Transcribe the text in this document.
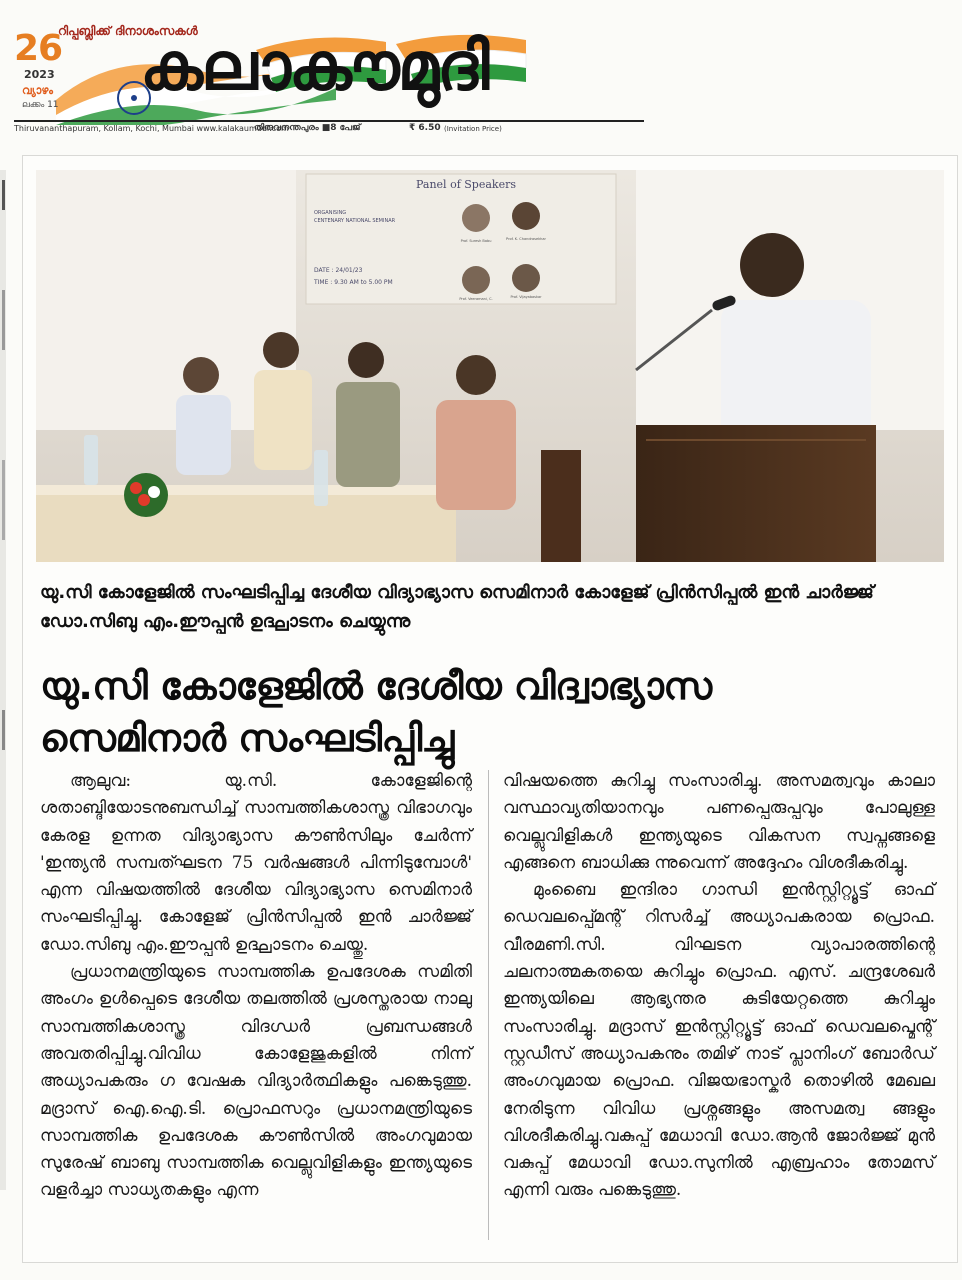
റിപ്പബ്ലിക്ക് ദിനാശംസകൾ
26
2023
വ്യാഴം
ലക്കം 11 കലാകൗമുദി
Thiruvananthapuram, Kollam, Kochi, Mumbai www.kalakaumudi.com
തിരുവനന്തപുരം ■8 പേജ്	₹ 6.50 (Invitation Price)
Panel of Speakers
ORGANISING
CENTENARY NATIONAL SEMINAR
DATE : 24/01/23
TIME : 9.30 AM to 5.00 PM
Prof. Suresh Babu	Prof. K. Chandrasekhar
Prof. Veeramani, C.	Prof. Vijayabaskar
യു.സി കോളേജിൽ സംഘടിപ്പിച്ച ദേശീയ വിദ്യാഭ്യാസ സെമിനാർ കോളേജ് പ്രിൻസിപ്പൽ ഇൻ ചാർജ്ജ് ഡോ.സിബു എം.ഈപ്പൻ ഉദ്ഘാടനം ചെയ്യുന്നു
യു.സി കോളേജിൽ ദേശീയ വിദ്വാഭ്യാസ
സെമിനാർ സംഘടിപ്പിച്ചു

ആലുവ: യു.സി. കോളേജിന്റെ ശതാബ്ദിയോടനുബന്ധിച്ച് സാമ്പത്തികശാസ്ത്ര വിഭാഗവും കേരള ഉന്നത വിദ്യാഭ്യാസ കൗൺസിലും ചേർന്ന് 'ഇന്ത്യൻ സമ്പത്ഘടന 75 വർഷങ്ങൾ പിന്നിടുമ്പോൾ' എന്ന വിഷയത്തിൽ ദേശീയ വിദ്യാഭ്യാസ സെമിനാർ സംഘടിപ്പിച്ചു. കോളേജ് പ്രിൻസിപ്പൽ ഇൻ ചാർജ്ജ് ഡോ.സിബു എം.ഈപ്പൻ ഉദ്ഘാടനം ചെയ്തു.

പ്രധാനമന്ത്രിയുടെ സാമ്പത്തിക ഉപദേശക സമിതി അംഗം ഉൾപ്പെടെ ദേശീയ തലത്തിൽ പ്രശസ്തരായ നാലു സാമ്പത്തികശാസ്ത്ര വിദഗ്ധർ പ്രബന്ധങ്ങൾ അവതരിപ്പിച്ചു.വിവിധ കോളേജുകളിൽ നിന്ന് അധ്യാപകരും ഗ വേഷക വിദ്യാർത്ഥികളും പങ്കെടുത്തു. മദ്രാസ് ഐ.ഐ.ടി. പ്രൊഫസറും പ്രധാനമന്ത്രിയുടെ സാമ്പത്തിക ഉപദേശക കൗൺസിൽ അംഗവുമായ സുരേഷ് ബാബു സാമ്പത്തിക വെല്ലുവിളികളും ഇന്ത്യയുടെ വളർച്ചാ സാധ്യതകളും എന്ന

വിഷയത്തെ കുറിച്ചു സംസാരിച്ചു. അസമത്വവും കാലാ വസ്ഥാവ്യതിയാനവും പണപ്പെരുപ്പവും പോലുള്ള വെല്ലുവിളികൾ ഇന്ത്യയുടെ വികസന സ്വപ്നങ്ങളെ എങ്ങനെ ബാധിക്കു ന്നുവെന്ന് അദ്ദേഹം വിശദീകരിച്ചു.

മുംബൈ ഇന്ദിരാ ഗാന്ധി ഇൻസ്റ്റിറ്റ്യൂട്ട് ഓഫ് ഡെവലപ്പ്മെന്റ് റിസർച്ച് അധ്യാപകരായ പ്രൊഫ. വീരമണി.സി. വിഘടന വ്യാപാരത്തിന്റെ ചലനാത്മകതയെ കുറിച്ചും പ്രൊഫ. എസ്. ചന്ദ്രശേഖർ ഇന്ത്യയിലെ ആഭ്യന്തര കുടിയേറ്റത്തെ കുറിച്ചും സംസാരിച്ചു. മദ്രാസ് ഇൻസ്റ്റിറ്റ്യൂട്ട് ഓഫ് ഡെവലപ്മെന്റ് സ്റ്റഡീസ് അധ്യാപകനും തമിഴ് നാട് പ്ലാനിംഗ് ബോർഡ് അംഗവുമായ പ്രൊഫ. വിജയഭാസ്കർ തൊഴിൽ മേഖല നേരിടുന്ന വിവിധ പ്രശ്നങ്ങളും അസമത്വ ങ്ങളും വിശദീകരിച്ചു.വകുപ്പ് മേധാവി ഡോ.ആൻ ജോർജ്ജ് മുൻ വകുപ്പ് മേധാവി ഡോ.സുനിൽ എബ്രഹാം തോമസ് എന്നി വരും പങ്കെടുത്തു.
